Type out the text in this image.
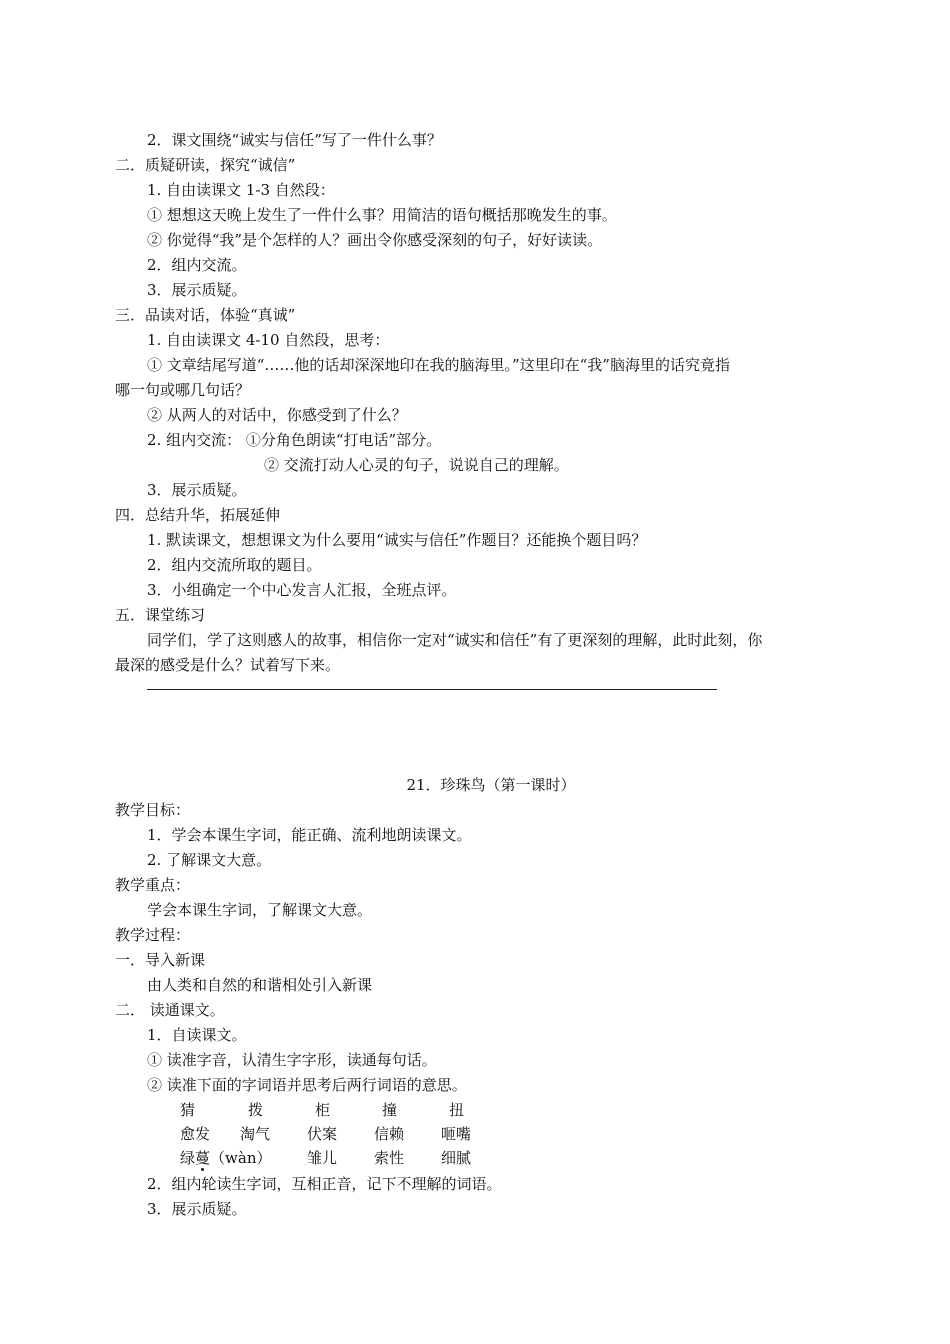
2．课文围绕“诚实与信任”写了一件什么事？
二．质疑研读，探究“诚信”
1. 自由读课文 1-3 自然段：
① 想想这天晚上发生了一件什么事？用简洁的语句概括那晚发生的事。
② 你觉得“我”是个怎样的人？画出令你感受深刻的句子，好好读读。
2．组内交流。
3．展示质疑。
三．品读对话，体验“真诚”
1. 自由读课文 4-10 自然段，思考：
① 文章结尾写道“……他的话却深深地印在我的脑海里。”这里印在“我”脑海里的话究竟指
哪一句或哪几句话？
② 从两人的对话中，你感受到了什么？
2. 组内交流： ①分角色朗读“打电话”部分。
② 交流打动人心灵的句子，说说自己的理解。
3．展示质疑。
四．总结升华，拓展延伸
1. 默读课文，想想课文为什么要用“诚实与信任”作题目？还能换个题目吗？
2．组内交流所取的题目。
3．小组确定一个中心发言人汇报，全班点评。
五．课堂练习
同学们，学了这则感人的故事，相信你一定对“诚实和信任”有了更深刻的理解，此时此刻，你
最深的感受是什么？试着写下来。
21．珍珠鸟（第一课时）
教学目标：
1．学会本课生字词，能正确、流利地朗读课文。
2. 了解课文大意。
教学重点：
学会本课生字词，了解课文大意。
教学过程：
一．导入新课
由人类和自然的和谐相处引入新课
二． 读通课文。
1．自读课文。
① 读准字音，认清生字字形，读通每句话。
② 读准下面的字词语并思考后两行词语的意思。
猜	拨	柜	撞	扭
愈发 淘气 伏案 信赖 咂嘴
绿蔓（wàn） 雏儿 索性 细腻
2．组内轮读生字词，互相正音，记下不理解的词语。
3．展示质疑。
